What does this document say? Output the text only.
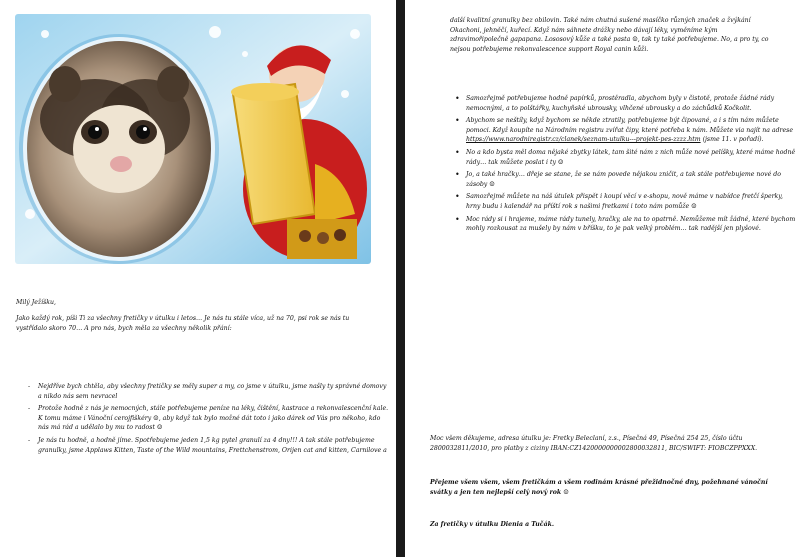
Milý Ježíšku,
Jako každý rok, píši Ti za všechny fretičky v útulku i letos… Je nás tu stále víca, už na 70, psi rok se nás tu vystřídalo skoro 70… A pro nás, bych měla za všechny několik přání:
- Nejdříve bych chtěla, aby všechny fretičky se měly super a my, co jsme v útulku, jsme našly ty správné domovy a nikdo nás sem nevracel
- Protože hodně z nás je nemocných, stále potřebujeme peníze na léky, čištění, kastrace a rekonvalescenční kale. K tomu máme i Vánoční cerojfiškéry ☺, aby když tak bylo možné dát toto i jako dárek od Vás pro někoho, kdo nás má rád a udělalo by mu to radost ☺
- Je nás tu hodně, a hodně jíme. Spotřebujeme jeden 1,5 kg pytel granulí za 4 dny!!! A tak stále potřebujeme granulky, jsme Applaws Kitten, Taste of the Wild mountains, Frettchenstrom, Orijen cat and kitten, Carnilove a
další kvalitní granulky bez obilovin. Také nám chutná sušené masíčko různých značek a žvýkání Okachoni, jehněčí, kuřecí. Když nám sáhnete drážky nebo dávají léky, vyměníme kým zdravimořipolečně gapapana. Lososový kůže a také pasta ☺, tak ty také potřebujeme. No, a pro ty, co nejsou potřebujeme rekonvalescence support Royal canin kůži.
• Samozřejmě potřebujeme hodně papírků, prostěradla, abychom byly v čistotě, protože žádné rády nemocnými, a to polštářky, kuchyňské ubrousky, vlhčené ubrousky a do záchůdků Kočkolit.
• Abychom se neštíly, když bychom se někde ztratily, potřebujeme být čipované, a i s tím nám můžete pomoci. Když koupíte na Národním registru zvířat čipy, které potřeba k nám. Můžete via najít na adrese https://www.narodniregistr.cz/clanek/seznam-utulku---projekt-pes-zzzz.htm (jsme 11. v pořadí).
• No a kdo bysta měl doma nějaké zbytky látek, tam šité nám z nich může nové pelíšky, které máme hodně rády… tak můžete poslat i ty ☺
• Jo, a také hračky… dřeje se stane, že se nám povede nějakou zničit, a tak stále potřebujeme nové do zásoby ☺
• Samozřejmě můžete na náš útulek přispět i koupí věcí v e-shopu, nově máme v nabídce fretčí šperky, hrny budu i kalendář na příští rok s našimi fretkami i toto nám pomůže ☺
• Moc rády si i hrajeme, máme rády tunely, hračky, ale na to opatrně. Nemůžeme mít žádné, které bychom mohly rozkousat za mušely by nám v bříšku, to je pak velký problém… tak radější jen plyšové.
Moc všem děkujeme, adresa útulku je: Fretky Beleclaní, z.s., Písečná 49, Písečná 254 25, číslo účtu 2800032811/2010, pro platby z ciziny IBAN:CZ1420000000002800032811, BIC/SWIFT: FIOBCZPPXXX.
Přejeme všem všem, všem fretičkám a všem rodinám krásné přežidnočné dny, požehnané vánoční svátky a jen ten nejlepší celý nový rok ☺
Za fretičky v útulku Dienia a Tučák.
